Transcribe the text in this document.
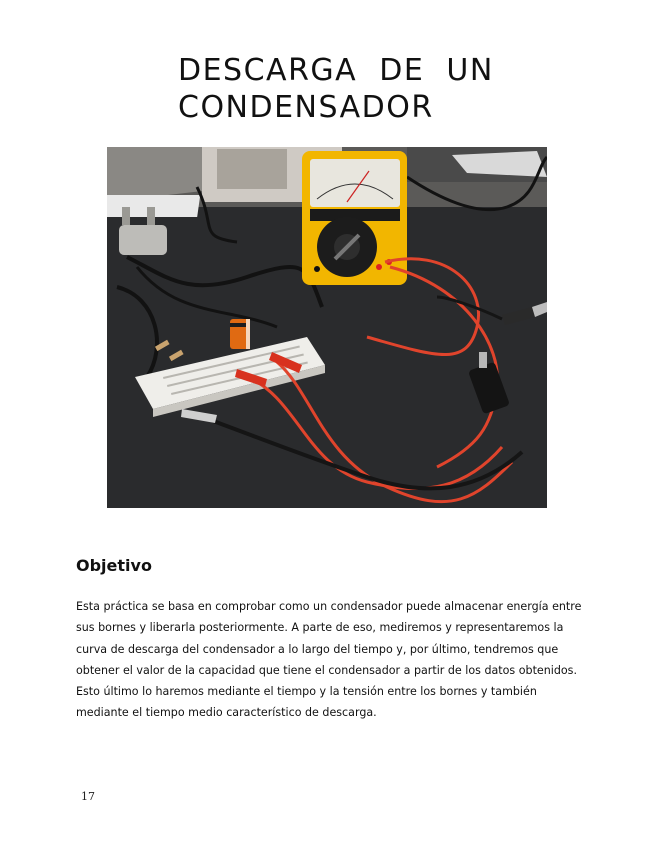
DESCARGA  DE  UN
CONDENSADOR
Objetivo
Esta práctica se basa en comprobar como un condensador puede almacenar energía entre
sus bornes y liberarla posteriormente. A parte de eso, mediremos y representaremos la
curva de descarga del condensador a lo largo del tiempo y, por último, tendremos que
obtener el valor de la capacidad que tiene el condensador a partir de los datos obtenidos.
Esto último lo haremos mediante el tiempo y la tensión entre los bornes y también
mediante el tiempo medio característico de descarga.
17
